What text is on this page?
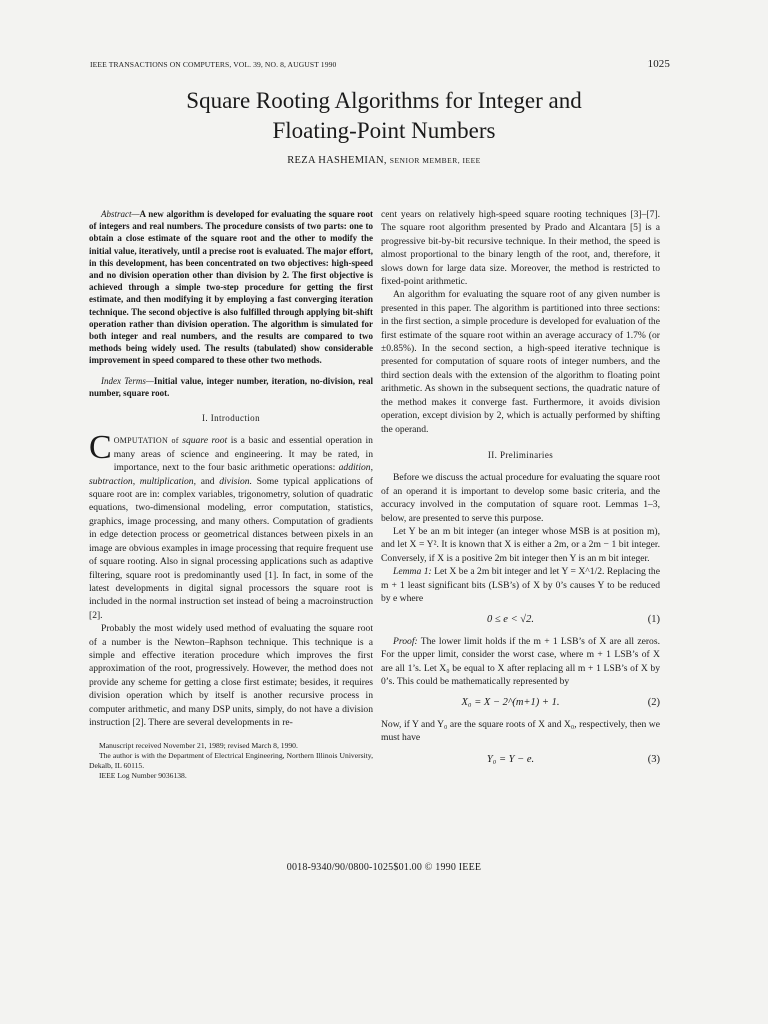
IEEE TRANSACTIONS ON COMPUTERS, VOL. 39, NO. 8, AUGUST 1990	1025
Square Rooting Algorithms for Integer and
Floating-Point Numbers
REZA HASHEMIAN, SENIOR MEMBER, IEEE

Abstract—A new algorithm is developed for evaluating the square root of integers and real numbers. The procedure consists of two parts: one to obtain a close estimate of the square root and the other to modify the initial value, iteratively, until a precise root is evaluated. The major effort, in this development, has been concentrated on two objectives: high-speed and no division operation other than division by 2. The first objective is achieved through a simple two-step procedure for getting the first estimate, and then modifying it by employing a fast converging iteration technique. The second objective is also fulfilled through applying bit-shift operation rather than division operation. The algorithm is simulated for both integer and real numbers, and the results are compared to two methods being widely used. The results (tabulated) show considerable improvement in speed compared to these other two methods.

Index Terms—Initial value, integer number, iteration, no-division, real number, square root.

I. Introduction

COMPUTATION of square root is a basic and essential operation in many areas of science and engineering. It may be rated, in importance, next to the four basic arithmetic operations: addition, subtraction, multiplication, and division. Some typical applications of square root are in: complex variables, trigonometry, solution of quadratic equations, two-dimensional modeling, error computation, statistics, graphics, image processing, and many others. Computation of gradients in edge detection process or geometrical distances between pixels in an image are obvious examples in image processing that require frequent use of square rooting. Also in signal processing applications such as adaptive filtering, square root is predominantly used [1]. In fact, in some of the latest developments in digital signal processors the square root is included in the normal instruction set instead of being a macroinstruction [2].

Probably the most widely used method of evaluating the square root of a number is the Newton–Raphson technique. This technique is a simple and effective iteration procedure which improves the first approximation of the root, progressively. However, the method does not provide any scheme for getting a close first estimate; besides, it requires division operation which by itself is another recursive process in computer arithmetic, and many DSP units, simply, do not have a division instruction [2]. There are several developments in re-

Manuscript received November 21, 1989; revised March 8, 1990.

The author is with the Department of Electrical Engineering, Northern Illinois University, Dekalb, IL 60115.

IEEE Log Number 9036138.

cent years on relatively high-speed square rooting techniques [3]–[7]. The square root algorithm presented by Prado and Alcantara [5] is a progressive bit-by-bit recursive technique. In their method, the speed is almost proportional to the binary length of the root, and, therefore, it slows down for large data size. Moreover, the method is restricted to fixed-point arithmetic.

An algorithm for evaluating the square root of any given number is presented in this paper. The algorithm is partitioned into three sections: in the first section, a simple procedure is developed for evaluation of the first estimate of the square root within an average accuracy of 1.7% (or ±0.85%). In the second section, a high-speed iterative technique is presented for computation of square roots of integer numbers, and the third section deals with the extension of the algorithm to floating point arithmetic. As shown in the subsequent sections, the quadratic nature of the method makes it converge fast. Furthermore, it avoids division operation, except division by 2, which is actually performed by shifting the operand.

II. Preliminaries

Before we discuss the actual procedure for evaluating the square root of an operand it is important to develop some basic criteria, and the accuracy involved in the computation of square root. Lemmas 1–3, below, are presented to serve this purpose.

Let Y be an m bit integer (an integer whose MSB is at position m), and let X = Y². It is known that X is either a 2m, or a 2m − 1 bit integer. Conversely, if X is a positive 2m bit integer then Y is an m bit integer.

Lemma 1: Let X be a 2m bit integer and let Y = X^1/2. Replacing the m + 1 least significant bits (LSB’s) of X by 0’s causes Y to be reduced by e where

0 ≤ e < √2.	(1)

Proof: The lower limit holds if the m + 1 LSB’s of X are all zeros. For the upper limit, consider the worst case, where m + 1 LSB’s of X are all 1’s. Let X₀ be equal to X after replacing all m + 1 LSB’s of X by 0’s. This could be mathematically represented by

X₀ = X − 2^(m+1) + 1.	(2)

Now, if Y and Y₀ are the square roots of X and X₀, respectively, then we must have

Y₀ = Y − e.	(3)
0018-9340/90/0800-1025$01.00 © 1990 IEEE
